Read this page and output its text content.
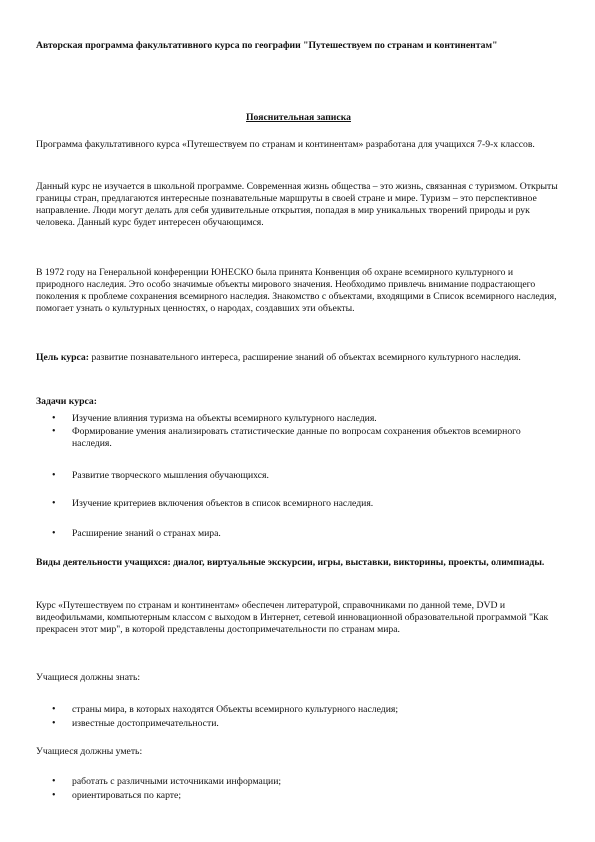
Авторская программа факультативного курса по географии "Путешествуем по странам и континентам"

Пояснительная записка

Программа факультативного курса «Путешествуем по странам и континентам» разработана для учащихся 7-9-х классов.

Данный курс не изучается в школьной программе. Современная жизнь общества – это жизнь, связанная с туризмом. Открыты границы стран, предлагаются интересные познавательные маршруты в своей стране и мире. Туризм – это перспективное направление. Люди могут делать для себя удивительные открытия, попадая в мир уникальных творений природы и рук человека. Данный курс будет интересен обучающимся.

В 1972 году на Генеральной конференции ЮНЕСКО была принята Конвенция об охране всемирного культурного и природного наследия. Это особо значимые объекты мирового значения. Необходимо привлечь внимание подрастающего поколения к проблеме сохранения всемирного наследия. Знакомство с объектами, входящими в Список всемирного наследия, помогает узнать о культурных ценностях, о народах, создавших эти объекты.

Цель курса: развитие познавательного интереса, расширение знаний об объектах всемирного культурного наследия.

Задачи курса:

• Изучение влияния туризма на объекты всемирного культурного наследия.
• Формирование умения анализировать статистические данные по вопросам сохранения объектов всемирного наследия.
• Развитие творческого мышления обучающихся.
• Изучение критериев включения объектов в список всемирного наследия.
• Расширение знаний о странах мира.

Виды деятельности учащихся: диалог, виртуальные экскурсии, игры, выставки, викторины, проекты, олимпиады.

Курс «Путешествуем по странам и континентам» обеспечен литературой, справочниками по данной теме, DVD и видеофильмами, компьютерным классом с выходом в Интернет, сетевой инновационной образовательной программой "Как прекрасен этот мир", в которой представлены достопримечательности по странам мира.

Учащиеся должны знать:

• страны мира, в которых находятся Объекты всемирного культурного наследия;
• известные достопримечательности.

Учащиеся должны уметь:

• работать с различными источниками информации;
• ориентироваться по карте;
